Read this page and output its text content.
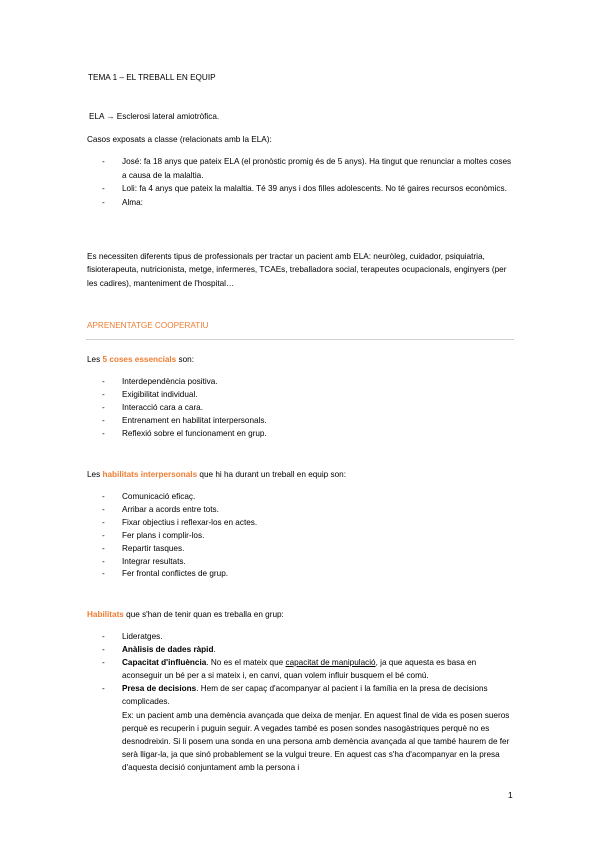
TEMA 1 – EL TREBALL EN EQUIP
ELA → Esclerosi lateral amiotròfica.
Casos exposats a classe (relacionats amb la ELA):
- José: fa 18 anys que pateix ELA (el pronòstic promig és de 5 anys). Ha tingut que renunciar a moltes coses a causa de la malaltia.
- Loli: fa 4 anys que pateix la malaltia. Té 39 anys i dos filles adolescents. No té gaires recursos econòmics.
- Alma:
Es necessiten diferents tipus de professionals per tractar un pacient amb ELA: neuròleg, cuidador, psiquiatria, fisioterapeuta, nutricionista, metge, infermeres, TCAEs, treballadora social, terapeutes ocupacionals, enginyers (per les cadires), manteniment de l'hospital…
APRENENTATGE COOPERATIU
Les 5 coses essencials son:
- Interdependència positiva.
- Exigibilitat individual.
- Interacció cara a cara.
- Entrenament en habilitat interpersonals.
- Reflexió sobre el funcionament en grup.
Les habilitats interpersonals que hi ha durant un treball en equip son:
- Comunicació eficaç.
- Arribar a acords entre tots.
- Fixar objectius i reflexar-los en actes.
- Fer plans i complir-los.
- Repartir tasques.
- Integrar resultats.
- Fer frontal conflictes de grup.
Habilitats que s'han de tenir quan es treballa en grup:
- Lideratges.
- Anàlisis de dades ràpid.
- Capacitat d'influència. No es el mateix que capacitat de manipulació, ja que aquesta es basa en aconseguir un bé per a si mateix i, en canvi, quan volem influir busquem el bé comú.
- Presa de decisions. Hem de ser capaç d'acompanyar al pacient i la família en la presa de decisions complicades.
Ex: un pacient amb una demència avançada que deixa de menjar. En aquest final de vida es posen sueros perquè es recuperin i puguin seguir. A vegades també es posen sondes nasogàstriques perquè no es desnodreixin. Si li posem una sonda en una persona amb demència avançada al que també haurem de fer serà lligar-la, ja que sinó probablement se la vulgui treure. En aquest cas s'ha d'acompanyar en la presa d'aquesta decisió conjuntament amb la persona i
1
